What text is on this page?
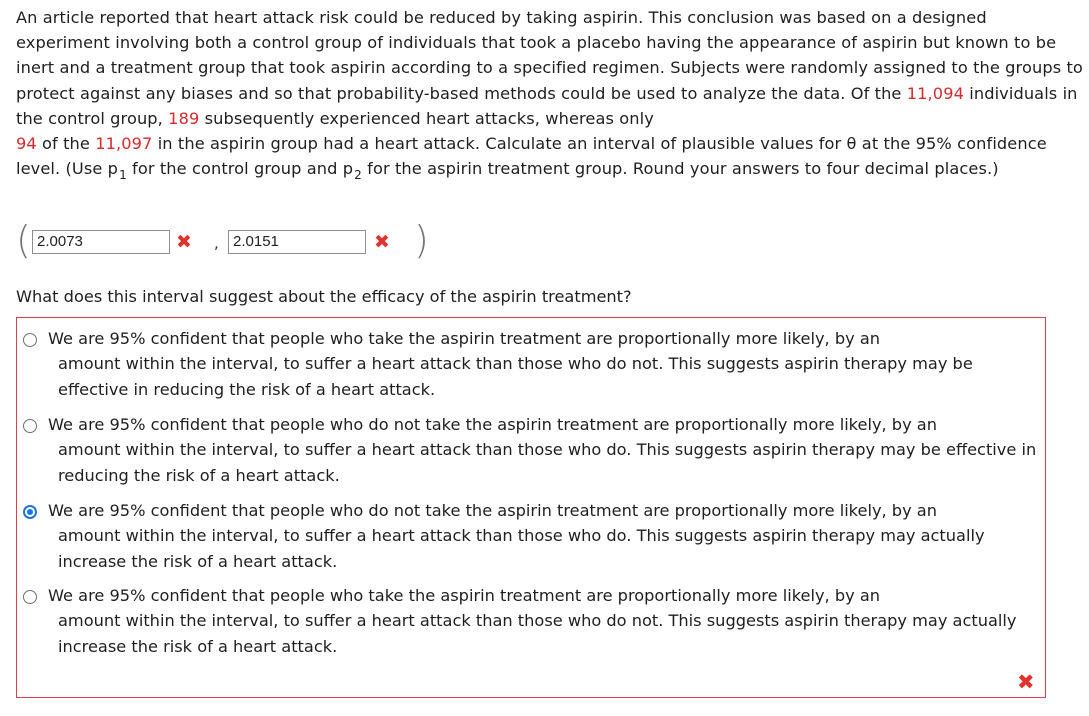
An article reported that heart attack risk could be reduced by taking aspirin. This conclusion was based on a designed experiment involving both a control group of individuals that took a placebo having the appearance of aspirin but known to be inert and a treatment group that took aspirin according to a specified regimen. Subjects were randomly assigned to the groups to protect against any biases and so that probability-based methods could be used to analyze the data. Of the 11,094 individuals in the control group, 189 subsequently experienced heart attacks, whereas only
94 of the 11,097 in the aspirin group had a heart attack. Calculate an interval of plausible values for θ at the 95% confidence level. (Use $p_1$ for the control group and $p_2$ for the aspirin treatment group. Round your answers to four decimal places.)
( 2.0073	✖ , 2.0151	✖ )
What does this interval suggest about the efficacy of the aspirin treatment?
We are 95% confident that people who take the aspirin treatment are proportionally more likely, by an
amount within the interval, to suffer a heart attack than those who do not. This suggests aspirin therapy may be effective in reducing the risk of a heart attack.
We are 95% confident that people who do not take the aspirin treatment are proportionally more likely, by an
amount within the interval, to suffer a heart attack than those who do. This suggests aspirin therapy may be effective in reducing the risk of a heart attack.
We are 95% confident that people who do not take the aspirin treatment are proportionally more likely, by an
amount within the interval, to suffer a heart attack than those who do. This suggests aspirin therapy may actually increase the risk of a heart attack.
We are 95% confident that people who take the aspirin treatment are proportionally more likely, by an
amount within the interval, to suffer a heart attack than those who do not. This suggests aspirin therapy may actually increase the risk of a heart attack.
✖
